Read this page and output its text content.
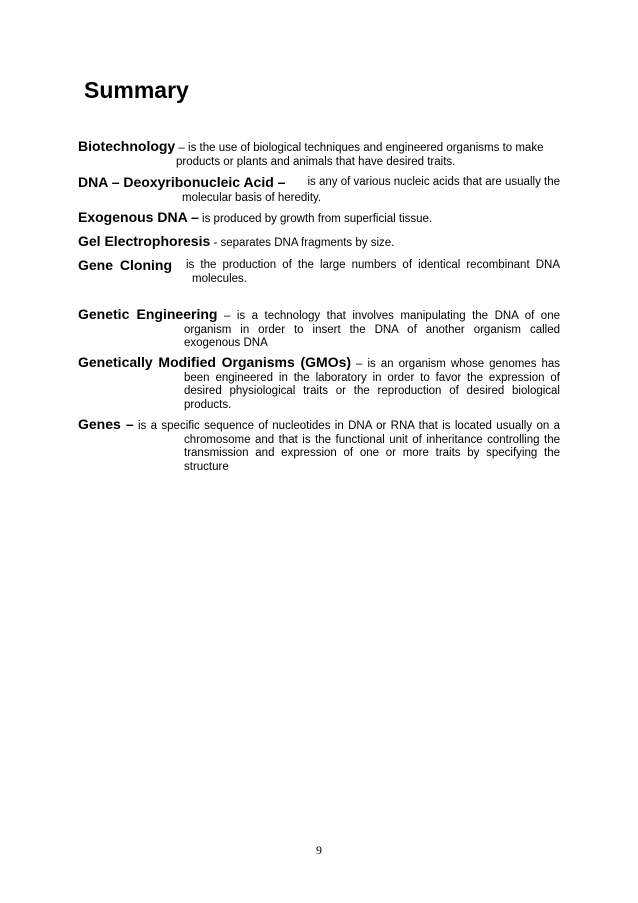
Summary
Biotechnology – is the use of biological techniques and engineered organisms to make
products or plants and animals that have desired traits.
DNA – Deoxyribonucleic Acid – is any of various nucleic acids that are usually the
molecular basis of heredity.
Exogenous DNA – is produced by growth from superficial tissue.
Gel Electrophoresis - separates DNA fragments by size.
Gene Cloning is the production of the large numbers of identical recombinant DNA
molecules.
Genetic Engineering – is a technology that involves manipulating the DNA of one
organism in order to insert the DNA of another organism called exogenous DNA
Genetically Modified Organisms (GMOs) – is an organism whose genomes has
been engineered in the laboratory in order to favor the expression of desired physiological traits or the reproduction of desired biological products.
Genes – is a specific sequence of nucleotides in DNA or RNA that is located usually on a
chromosome and that is the functional unit of inheritance controlling the transmission and expression of one or more traits by specifying the structure
9
